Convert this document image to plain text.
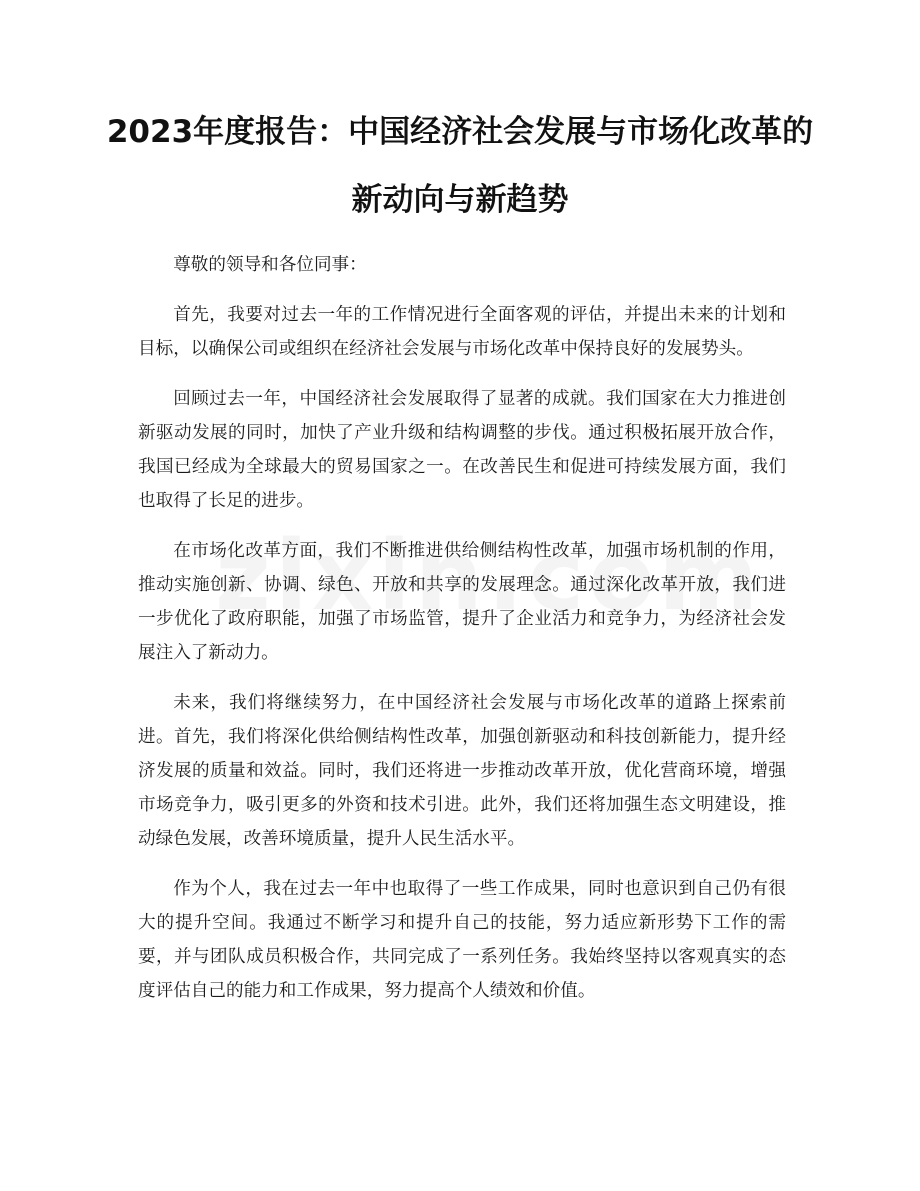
2023年度报告：中国经济社会发展与市场化改革的新动向与新趋势

尊敬的领导和各位同事：

首先，我要对过去一年的工作情况进行全面客观的评估，并提出未来的计划和目标，以确保公司或组织在经济社会发展与市场化改革中保持良好的发展势头。

回顾过去一年，中国经济社会发展取得了显著的成就。我们国家在大力推进创新驱动发展的同时，加快了产业升级和结构调整的步伐。通过积极拓展开放合作，我国已经成为全球最大的贸易国家之一。在改善民生和促进可持续发展方面，我们也取得了长足的进步。

在市场化改革方面，我们不断推进供给侧结构性改革，加强市场机制的作用，推动实施创新、协调、绿色、开放和共享的发展理念。通过深化改革开放，我们进一步优化了政府职能，加强了市场监管，提升了企业活力和竞争力，为经济社会发展注入了新动力。

未来，我们将继续努力，在中国经济社会发展与市场化改革的道路上探索前进。首先，我们将深化供给侧结构性改革，加强创新驱动和科技创新能力，提升经济发展的质量和效益。同时，我们还将进一步推动改革开放，优化营商环境，增强市场竞争力，吸引更多的外资和技术引进。此外，我们还将加强生态文明建设，推动绿色发展，改善环境质量，提升人民生活水平。

作为个人，我在过去一年中也取得了一些工作成果，同时也意识到自己仍有很大的提升空间。我通过不断学习和提升自己的技能，努力适应新形势下工作的需要，并与团队成员积极合作，共同完成了一系列任务。我始终坚持以客观真实的态度评估自己的能力和工作成果，努力提高个人绩效和价值。
